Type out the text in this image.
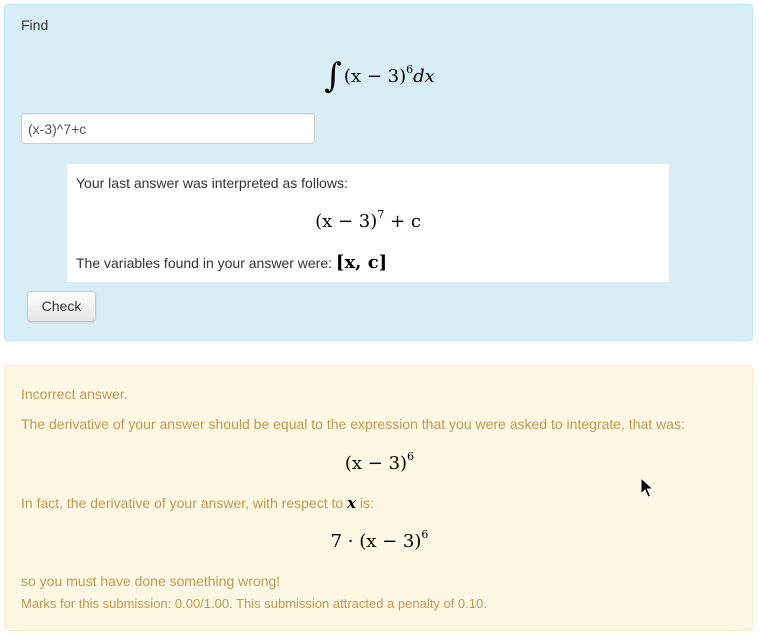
Find
∫ $(x - 3)^6dx$
(x-3)^7+c
Your last answer was interpreted as follows:
$(x - 3)^7 + c$
The variables found in your answer were: [x, c]
Check
Incorrect answer.
The derivative of your answer should be equal to the expression that you were asked to integrate, that was:
$(x - 3)^6$
In fact, the derivative of your answer, with respect to x is:
$7 \cdot (x - 3)^6$
so you must have done something wrong!
Marks for this submission: 0.00/1.00. This submission attracted a penalty of 0.10.
